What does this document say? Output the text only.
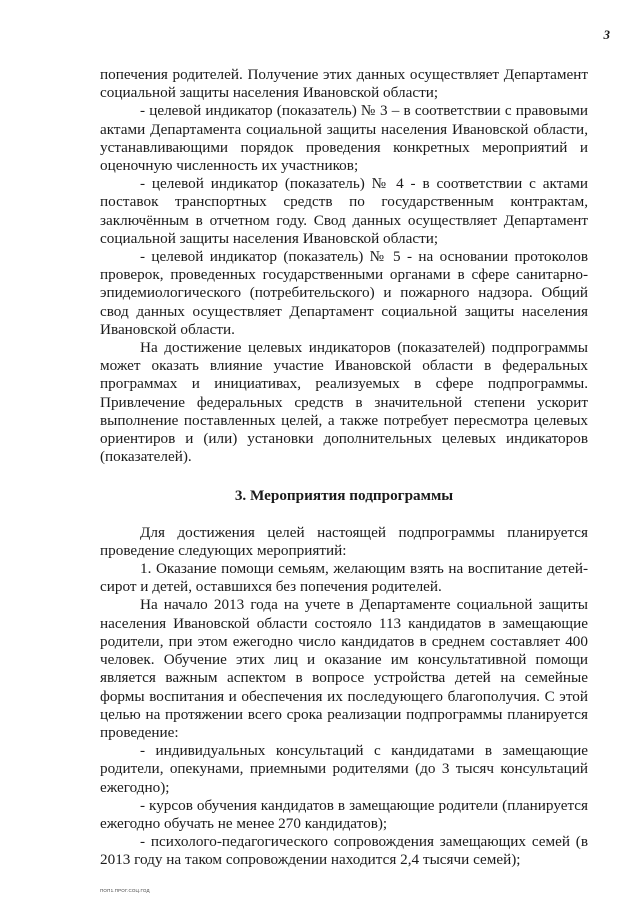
3

попечения родителей. Получение этих данных осуществляет Департамент социальной защиты населения Ивановской области;

- целевой индикатор (показатель) № 3 – в соответствии с правовыми актами Департамента социальной защиты населения Ивановской области, устанавливающими порядок проведения конкретных мероприятий и оценочную численность их участников;

- целевой индикатор (показатель) № 4 - в соответствии с актами поставок транспортных средств по государственным контрактам, заключённым в отчетном году. Свод данных осуществляет Департамент социальной защиты населения Ивановской области;

- целевой индикатор (показатель) № 5 - на основании протоколов проверок, проведенных государственными органами в сфере санитарно-эпидемиологического (потребительского) и пожарного надзора. Общий свод данных осуществляет Департамент социальной защиты населения Ивановской области.

На достижение целевых индикаторов (показателей) подпрограммы может оказать влияние участие Ивановской области в федеральных программах и инициативах, реализуемых в сфере подпрограммы. Привлечение федеральных средств в значительной степени ускорит выполнение поставленных целей, а также потребует пересмотра целевых ориентиров и (или) установки дополнительных целевых индикаторов (показателей).

3. Мероприятия подпрограммы

Для достижения целей настоящей подпрограммы планируется проведение следующих мероприятий:

1. Оказание помощи семьям, желающим взять на воспитание детей-сирот и детей, оставшихся без попечения родителей.

На начало 2013 года на учете в Департаменте социальной защиты населения Ивановской области состояло 113 кандидатов в замещающие родители, при этом ежегодно число кандидатов в среднем составляет 400 человек. Обучение этих лиц и оказание им консультативной помощи является важным аспектом в вопросе устройства детей на семейные формы воспитания и обеспечения их последующего благополучия. С этой целью на протяжении всего срока реализации подпрограммы планируется проведение:

- индивидуальных консультаций с кандидатами в замещающие родители, опекунами, приемными родителями (до 3 тысяч консультаций ежегодно);

- курсов обучения кандидатов в замещающие родители (планируется ежегодно обучать не менее 270 кандидатов);

- психолого-педагогического сопровождения замещающих семей (в 2013 году на таком сопровождении находится 2,4 тысячи семей);

ПОП1.ПРОГ.СОЦ.ГОД
